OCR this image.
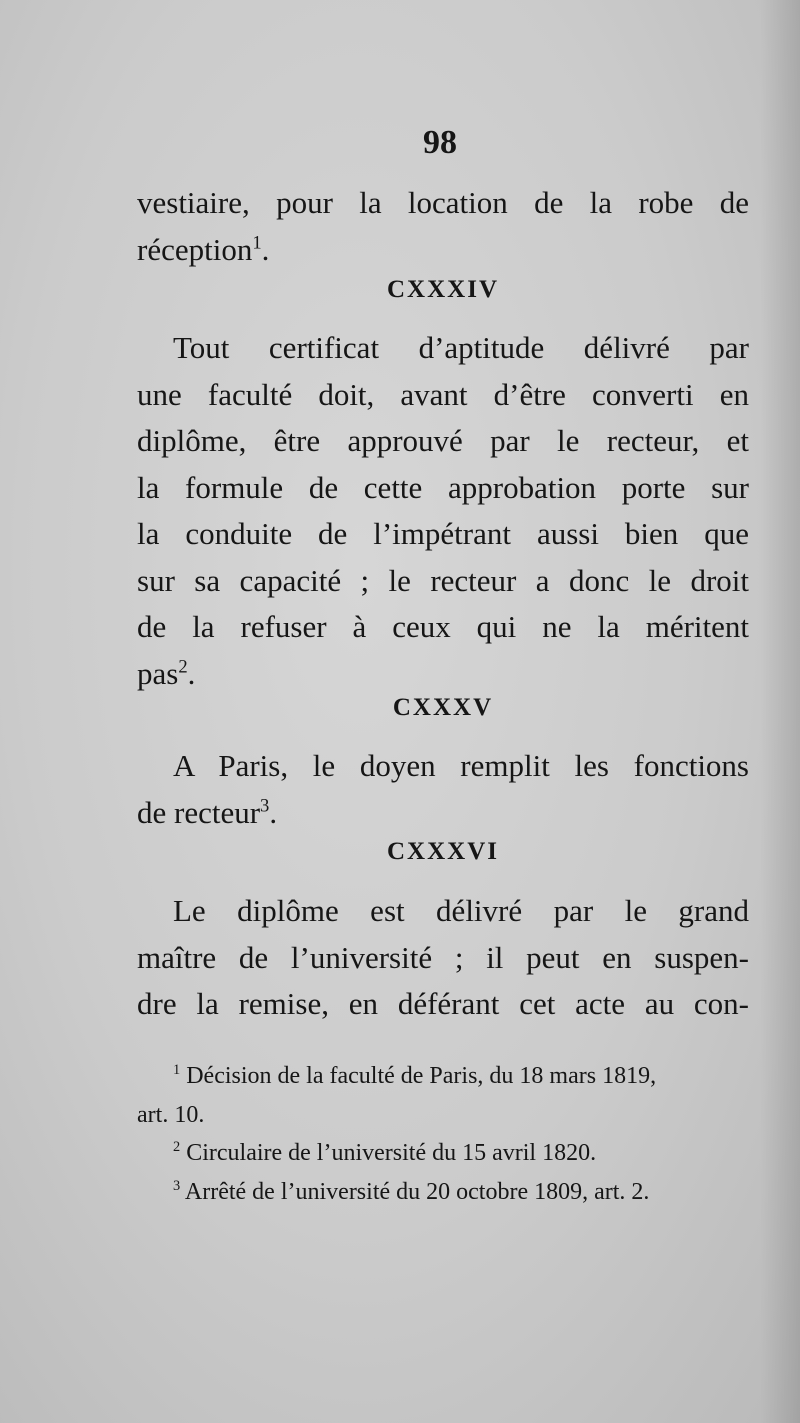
98
vestiaire, pour la location de la robe de
réception$^1$.
CXXXIV
Tout certificat d’aptitude délivré par
une faculté doit, avant d’être converti en
diplôme, être approuvé par le recteur, et
la formule de cette approbation porte sur
la conduite de l’impétrant aussi bien que
sur sa capacité ; le recteur a donc le droit
de la refuser à ceux qui ne la méritent
pas$^2$.
CXXXV
A Paris, le doyen remplit les fonctions
de recteur$^3$.
CXXXVI
Le diplôme est délivré par le grand
maître de l’université ; il peut en suspen-
dre la remise, en déférant cet acte au con-
$^1$ Décision de la faculté de Paris, du 18 mars 1819,
art. 10.
$^2$ Circulaire de l’université du 15 avril 1820.
$^3$ Arrêté de l’université du 20 octobre 1809, art. 2.
